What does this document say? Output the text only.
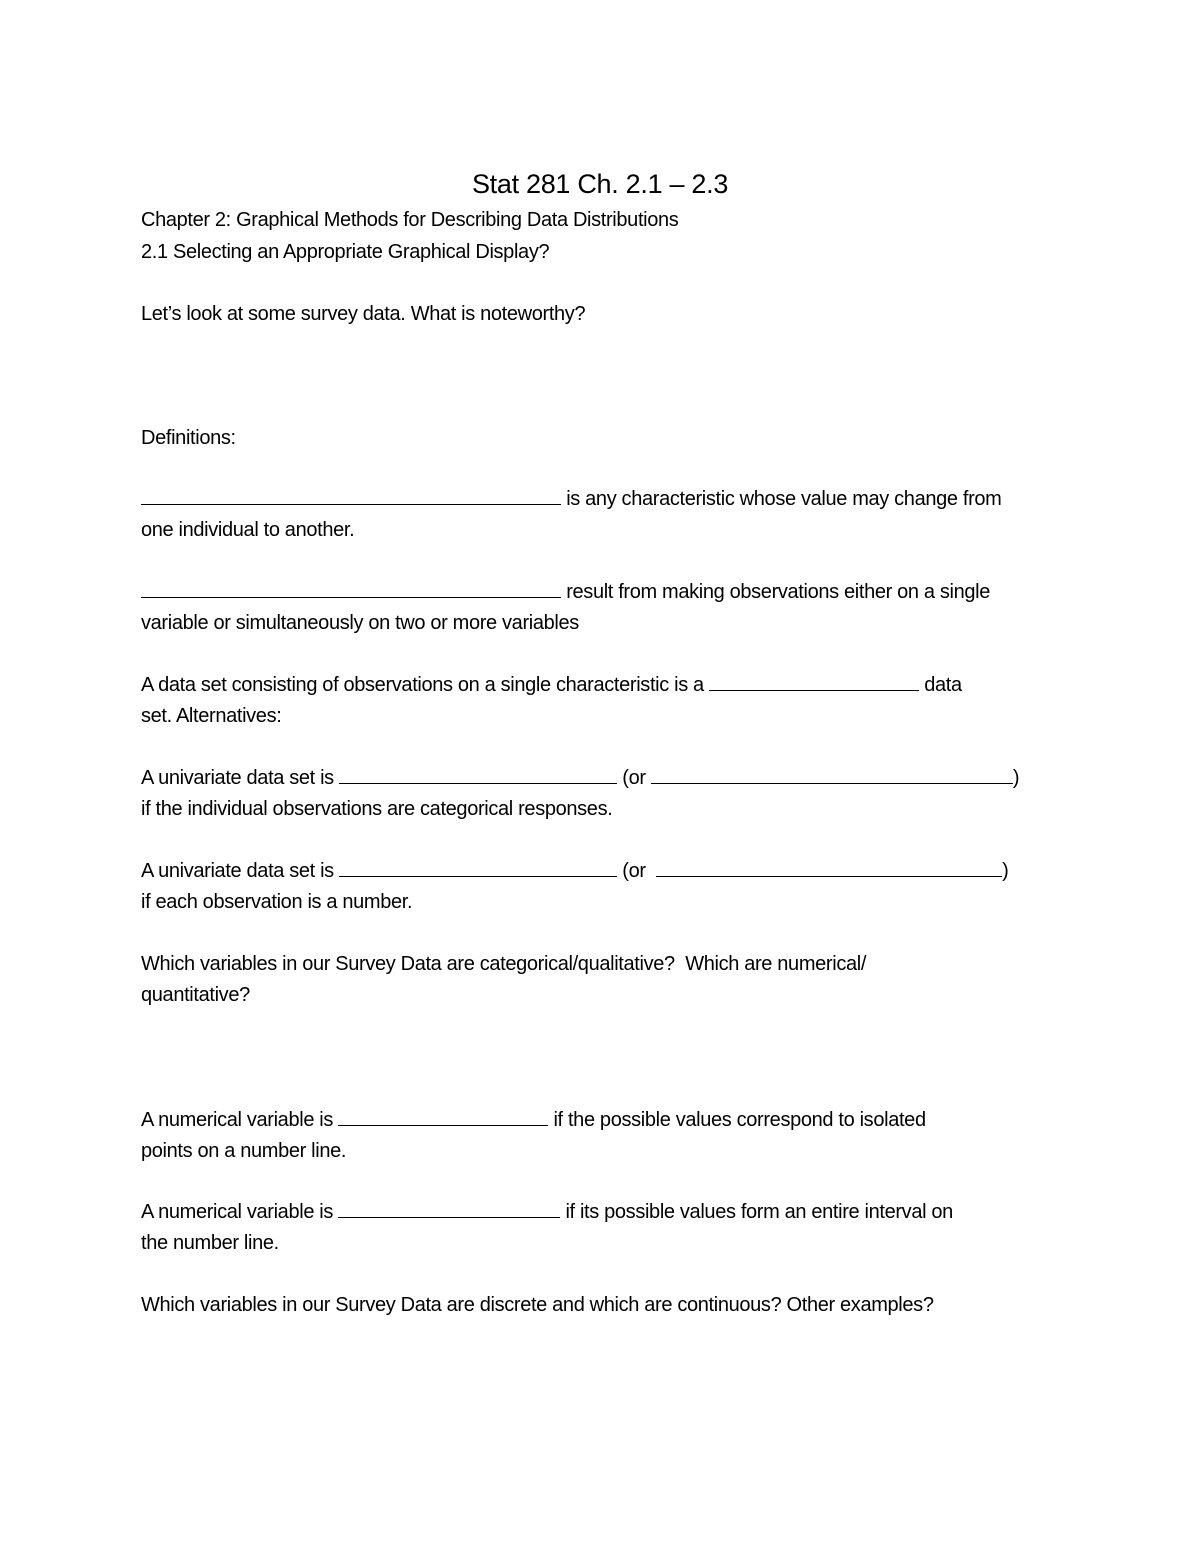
Stat 281 Ch. 2.1 – 2.3
Chapter 2: Graphical Methods for Describing Data Distributions
2.1 Selecting an Appropriate Graphical Display?
Let’s look at some survey data. What is noteworthy?
Definitions:
is any characteristic whose value may change from
one individual to another.
result from making observations either on a single
variable or simultaneously on two or more variables
A data set consisting of observations on a single characteristic is a	data
set. Alternatives:
A univariate data set is	(or	)
if the individual observations are categorical responses.
A univariate data set is	(or	)
if each observation is a number.
Which variables in our Survey Data are categorical/qualitative?  Which are numerical/
quantitative?
A numerical variable is	if the possible values correspond to isolated
points on a number line.
A numerical variable is	if its possible values form an entire interval on
the number line.
Which variables in our Survey Data are discrete and which are continuous? Other examples?
